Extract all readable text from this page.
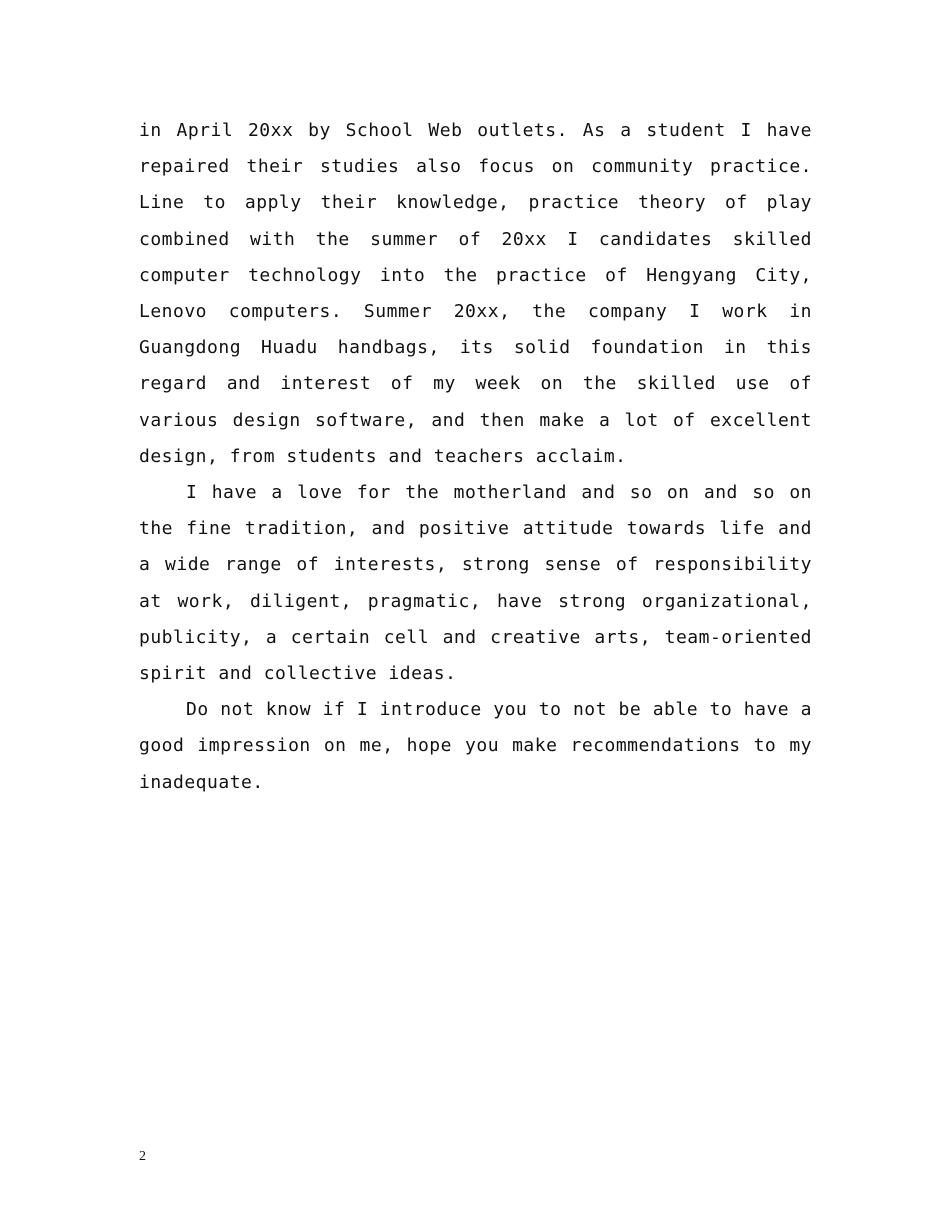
in April 20xx by School Web outlets. As a student I have repaired their studies also focus on community practice. Line to apply their knowledge, practice theory of play combined with the summer of 20xx I candidates skilled computer technology into the practice of Hengyang City, Lenovo computers. Summer 20xx, the company I work in Guangdong Huadu handbags, its solid foundation in this regard and interest of my week on the skilled use of various design software, and then make a lot of excellent design, from students and teachers acclaim.

I have a love for the motherland and so on and so on the fine tradition, and positive attitude towards life and a wide range of interests, strong sense of responsibility at work, diligent, pragmatic, have strong organizational, publicity, a certain cell and creative arts, team-oriented spirit and collective ideas.

Do not know if I introduce you to not be able to have a good impression on me, hope you make recommendations to my inadequate.

2
